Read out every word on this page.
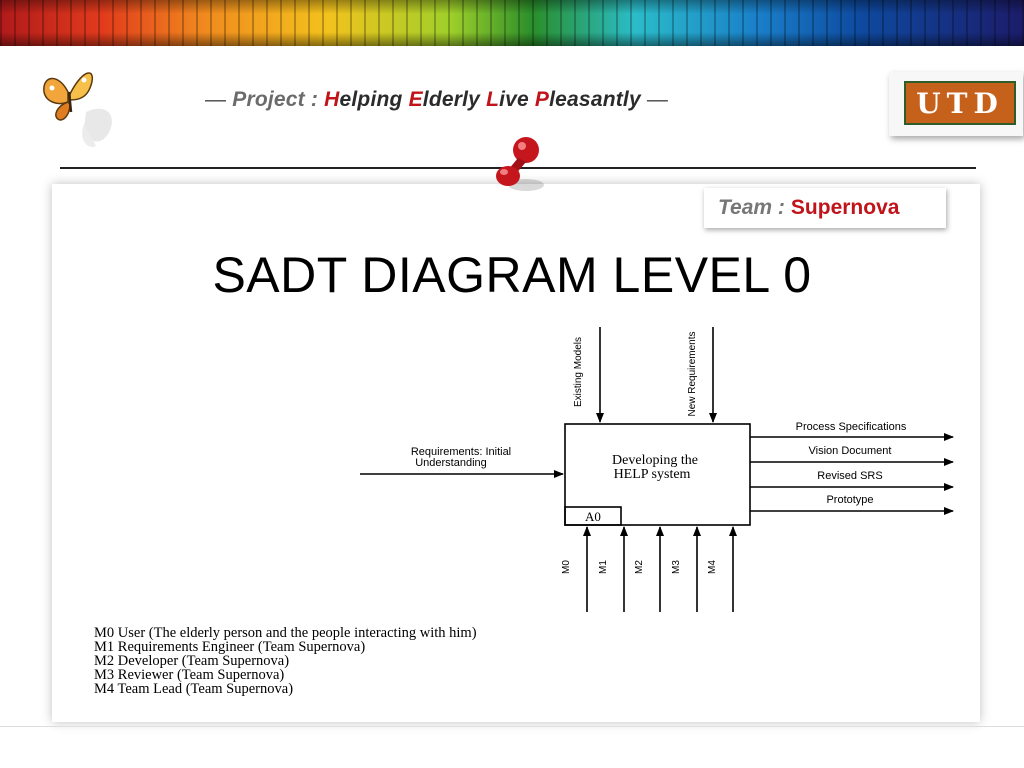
— Project : Helping Elderly Live Pleasantly —	UTD
Team : Supernova
SADT DIAGRAM LEVEL 0
Developing the
HELP system
A0
Existing Models	New Requirements
Requirements: Initial
Understanding
Process Specifications
Vision Document
Revised SRS
Prototype
M0	M1	M2	M3	M4
M0 User (The elderly person and the people interacting with him)
M1 Requirements Engineer (Team Supernova)
M2 Developer (Team Supernova)
M3 Reviewer (Team Supernova)
M4 Team Lead (Team Supernova)
